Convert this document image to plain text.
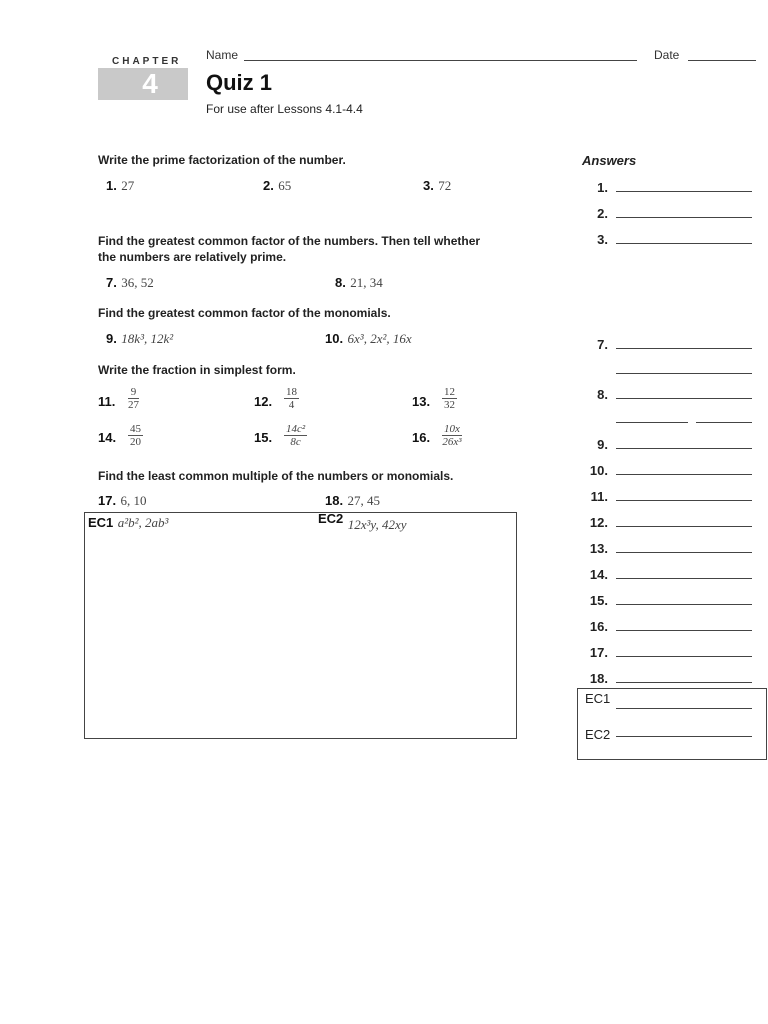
CHAPTER
4
Name	Date
Quiz 1
For use after Lessons 4.1-4.4
Write the prime factorization of the number.
1. 27	2. 65	3. 72
Find the greatest common factor of the numbers. Then tell whether
the numbers are relatively prime.
7. 36, 52	8. 21, 34
Find the greatest common factor of the monomials.
9. 18k³, 12k²	10. 6x³, 2x², 16x
Write the fraction in simplest form.
11. $\frac{9}{27}$	12. $\frac{18}{4}$	13. $\frac{12}{32}$
14. $\frac{45}{20}$	15. $\frac{\text{14c²}}{8c}$	16. $\frac{10x}{\text{26x³}}$
Find the least common multiple of the numbers or monomials.
17. 6, 10	18. 27, 45
EC1 a²b², 2ab³	EC2 $_{12x^3y, 42xy}$
Answers
1.
2.
3.
7.
8.
9.
10.
11.
12.
13.
14.
15.
16.
17.
18.
EC1
EC2
